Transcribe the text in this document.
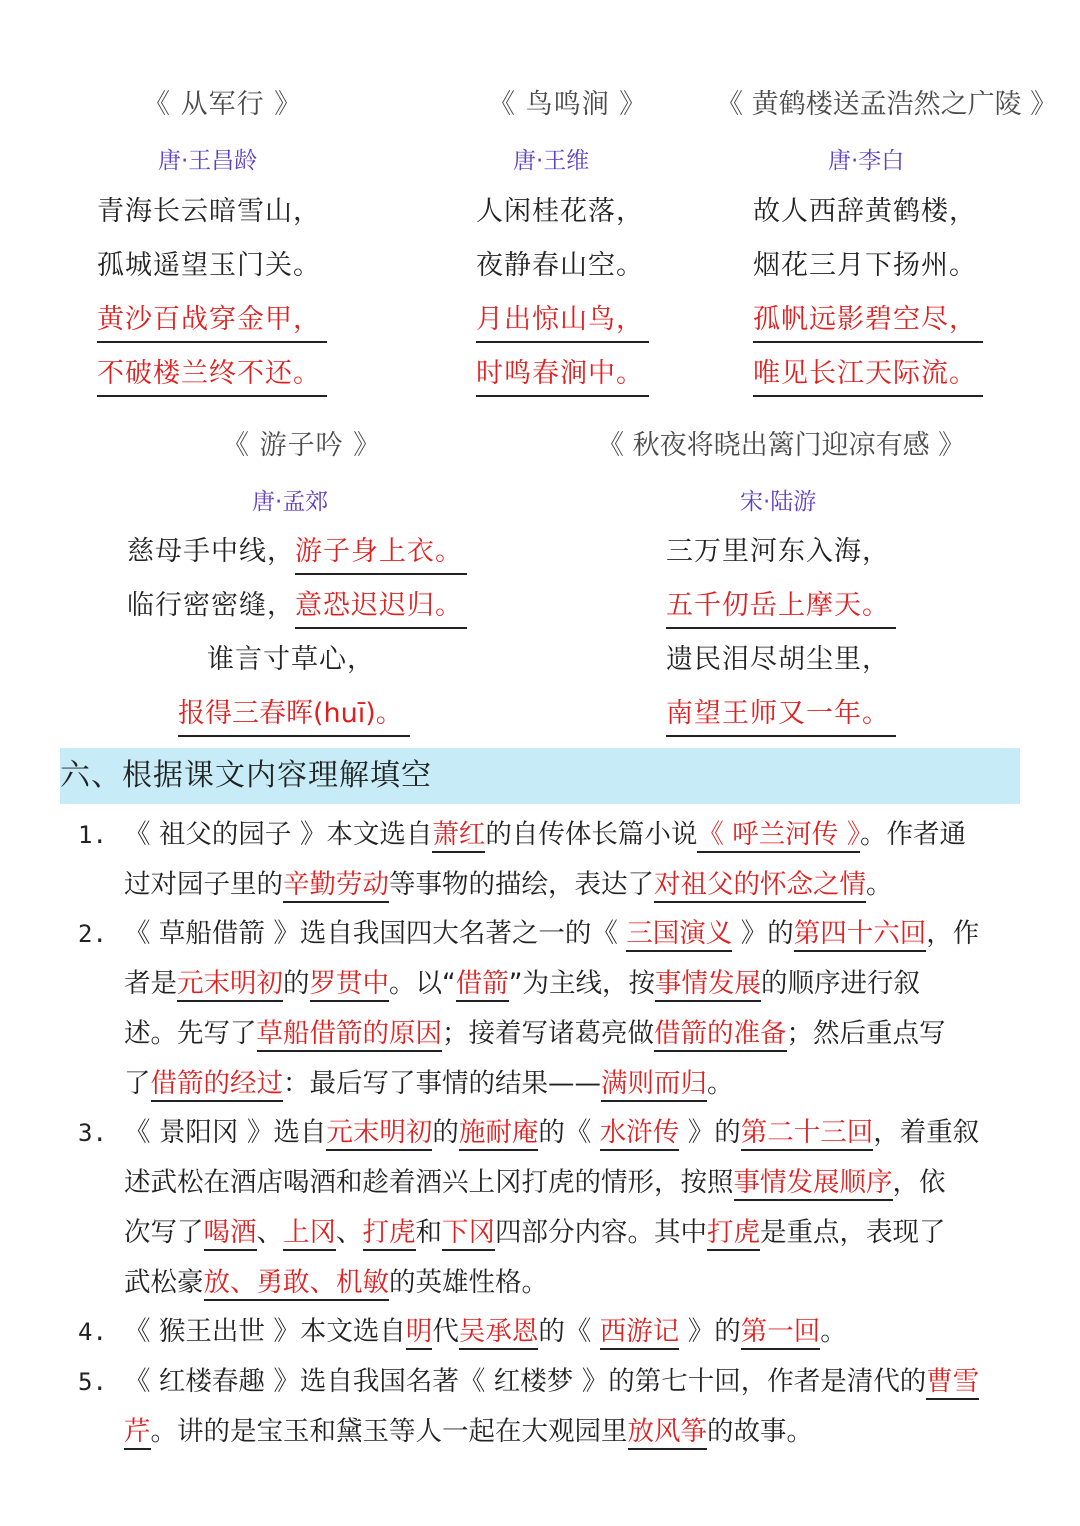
《 从军行 》
唐·王昌龄
青海长云暗雪山，
孤城遥望玉门关。
黄沙百战穿金甲，
不破楼兰终不还。
《 鸟鸣涧 》
唐·王维
人闲桂花落，
夜静春山空。
月出惊山鸟，
时鸣春涧中。
《 黄鹤楼送孟浩然之广陵 》
唐·李白
故人西辞黄鹤楼，
烟花三月下扬州。
孤帆远影碧空尽，
唯见长江天际流。
《 游子吟 》
唐·孟郊
慈母手中线，游子身上衣。
临行密密缝，意恐迟迟归。
谁言寸草心，
报得三春晖(huī)。
《 秋夜将晓出篱门迎凉有感 》
宋·陆游
三万里河东入海，
五千仞岳上摩天。
遗民泪尽胡尘里，
南望王师又一年。
六、根据课文内容理解填空
1. 《 祖父的园子 》本文选自萧红的自传体长篇小说《 呼兰河传 》。作者通
过对园子里的辛勤劳动等事物的描绘，表达了对祖父的怀念之情。
2. 《 草船借箭 》选自我国四大名著之一的《 三国演义 》的第四十六回，作
者是元末明初的罗贯中。以“借箭”为主线，按事情发展的顺序进行叙
述。先写了草船借箭的原因；接着写诸葛亮做借箭的准备；然后重点写
了借箭的经过：最后写了事情的结果——满则而归。
3. 《 景阳冈 》选自元末明初的施耐庵的《 水浒传 》的第二十三回，着重叙
述武松在酒店喝酒和趁着酒兴上冈打虎的情形，按照事情发展顺序，依
次写了喝酒、上冈、打虎和下冈四部分内容。其中打虎是重点，表现了
武松豪放、勇敢、机敏的英雄性格。
4. 《 猴王出世 》本文选自明代吴承恩的《 西游记 》的第一回。
5. 《 红楼春趣 》选自我国名著《 红楼梦 》的第七十回，作者是清代的曹雪
芹。讲的是宝玉和黛玉等人一起在大观园里放风筝的故事。
